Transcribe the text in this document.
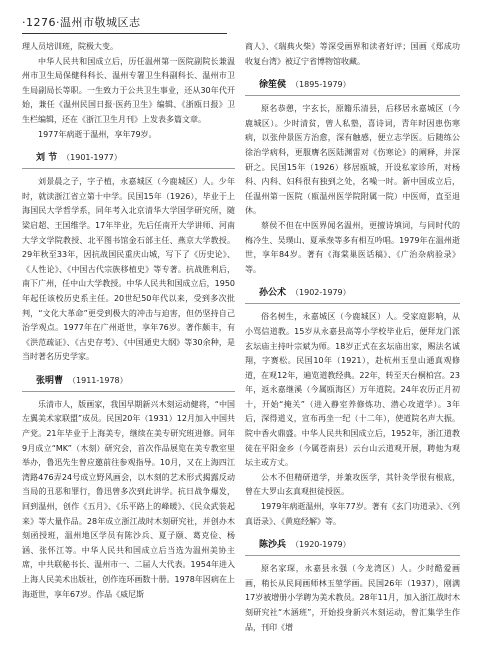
·1276·温州市敬城区志

理人员培训班，院极大变。

中华人民共和国成立后，历任温州第一医院副院长兼温州市卫生局保健科科长、温州专署卫生科副科长、温州市卫生局副局长等职。一生致力于公共卫生事业，还从30年代开始，兼任《温州民国日报·医药卫生》编辑、《浙瓯日报》卫生栏编辑，还在《浙江卫生月刊》上发表多篇文章。

1977年病逝于温州，享年79岁。

刘 节 （1901-1977）

刘景晨之子，字子植，永嘉城区（今鹿城区）人。少年时，就读浙江省立第十中学。民国15年（1926），毕业于上海国民大学哲学系，同年考入北京清华大学国学研究所，随梁启超、王国维学。17年毕业，先后任南开大学讲师、河南大学文学院教授、北平图书馆金石部主任、燕京大学教授。29年秋至33年，因抗战国民重庆山城，写下了《历史论》、《人性论》、《中国古代宗族移植史》等专著。抗战胜利后，南下广州，任中山大学教授。中华人民共和国成立后，1950年起任该校历史系主任。20世纪50年代以来，受到多次批判，“文化大革命”更受到极大的冲击与迫害，但仍坚持自己治学观点。1977年在广州逝世，享年76岁。著作颇丰，有《洪范疏证》、《古史存考》、《中国通史大纲》等30余种，是当时著名历史学家。

张明曹 （1911-1978）

乐清市人，版画家，我国早期新兴木刻运动健将，“中国左翼美术家联盟”成员。民国20年（1931）12月加入中国共产党。21年毕业于上海美专，继续在美专研究班进修。同年9月成立“MK”（木刻）研究会，首次作品展览在美专教室里举办，鲁迅先生曾应邀前往参观指导。10月，又在上海四江湾路476弄24号成立野风画会，以木刻的艺术形式揭露反动当局的丑恶和罪行，鲁迅曾多次到此讲学。抗日战争爆发，回到温州，创作《五月》、《乐平路上的峰暖》、《民众武装起来》等大量作品。28年成立浙江战时木刻研究社，并创办木刻函授班，温州地区学员有陈沙兵、夏子颐、葛克俭、杨涵、张怀江等。中华人民共和国成立后当选为温州美协主席，中共联秘书长、温州市一、二届人大代表。1954年进入上海人民美术出版社，创作连环画数十册。1978年因病在上海逝世，享年67岁。作品《威尼斯

商人》、《瑞典火柴》等深受画界和读者好评；国画《郑成功收复台湾》被辽宁省博物馆收藏。

徐笙侯 （1895-1979）

原名恭憩，字玄长，原籍乐清县，后移居永嘉城区（今鹿城区）。少时清贫，曾人私塾，喜诗词，青年时因患伤寒病，以张仲景医方治愈，深有触感，便立志学医。后随练公徐治学病科，更服膺名医陆渊雷对《伤寒论》的阐释，并深研之。民国15年（1926）移居瓯城，开设私家诊所，对杨科、内科、妇科很有独到之处，名噪一时。新中国成立后，任温州第一医院（瓯温州医学院附属一院）中医师，直至退休。

蔡侯不但在中医界闻名温州，更擅诗填词，与同时代的梅冷生、吴璞山、夏承焘等多有相互吟唱。1979年在温州逝世，享年84岁。著有《海棠巢医话稿》、《广治杂病验录》等。

孙公术 （1902-1979）

俗名树生，永嘉城区（今鹿城区）人。受家庭影响，从小骂信道教。15岁从永嘉县高等小学校毕业后，便拜龙门派玄坛庙主持叶宗斌为师。18岁正式在玄坛庙出家，赐法名诚翔，字赛松。民国10年（1921），赴杭州玉皇山通真观修道，在观12年，遍览道教经典。22年，转至天台桐柏宫。23年，返永嘉继溪（今属瓯海区）万年道院。24年农历正月初十，开始“掩关”（进入静室养修炼功、潜心攻道学）。3年后，深得道义，宣布再坐一纪（十二年），使道院名声大振。院中香火鼎盛。中华人民共和国成立后，1952年，浙江道教徒在平阳金乡（今属苍南县）云台山云道观开展，聘他为观坛主或方丈。

公木不但精研道学，并兼攻医学，其针灸学很有根底，曾在大罗山玄真观担徒授医。

1979年病逝温州，享年77岁。著有《玄门功道录》、《列真语录》、《黄庭经解》等。

陈沙兵 （1920-1979）

原名家琛，永嘉县永强（今龙湾区）人。少时酷爱画画，稍长从民间画师林玉堃学画。民国26年（1937），刚满17岁被增册小学聘为美术教员。28年11月，加入浙江战时木刻研究社“木涵班”，开始投身新兴木刻运动，曾汇集学生作品，刊印《增
